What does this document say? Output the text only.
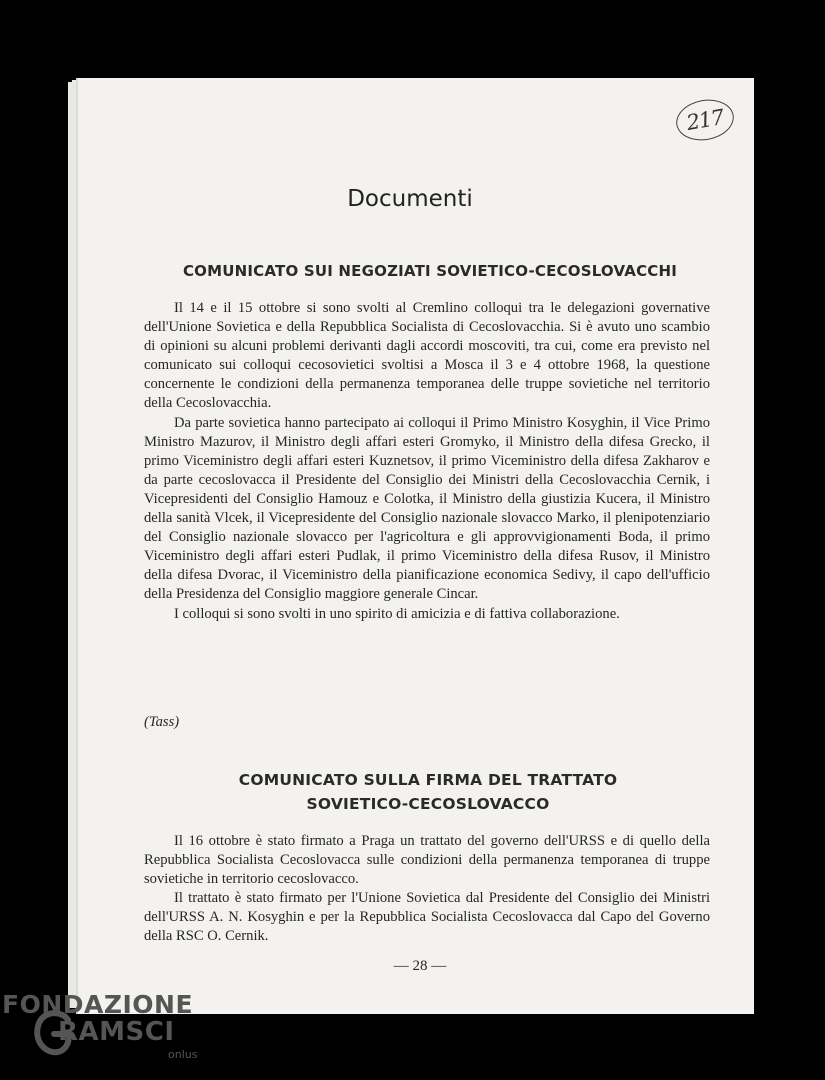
217
Documenti
COMUNICATO SUI NEGOZIATI SOVIETICO-CECOSLOVACCHI

Il 14 e il 15 ottobre si sono svolti al Cremlino colloqui tra le delegazioni governative dell'Unione Sovietica e della Repubblica Socialista di Cecoslovacchia. Si è avuto uno scambio di opinioni su alcuni problemi derivanti dagli accordi moscoviti, tra cui, come era previsto nel comunicato sui colloqui cecosovietici svoltisi a Mosca il 3 e 4 ottobre 1968, la questione concernente le condizioni della permanenza temporanea delle truppe sovietiche nel territorio della Cecoslovacchia.

Da parte sovietica hanno partecipato ai colloqui il Primo Ministro Kosyghin, il Vice Primo Ministro Mazurov, il Ministro degli affari esteri Gromyko, il Ministro della difesa Grecko, il primo Viceministro degli affari esteri Kuznetsov, il primo Viceministro della difesa Zakharov e da parte cecoslovacca il Presidente del Consiglio dei Ministri della Cecoslovacchia Cernik, i Vicepresidenti del Consiglio Hamouz e Colotka, il Ministro della giustizia Kucera, il Ministro della sanità Vlcek, il Vicepresidente del Consiglio nazionale slovacco Marko, il plenipotenziario del Consiglio nazionale slovacco per l'agricoltura e gli approvvigionamenti Boda, il primo Viceministro degli affari esteri Pudlak, il primo Viceministro della difesa Rusov, il Ministro della difesa Dvorac, il Viceministro della pianificazione economica Sedivy, il capo dell'ufficio della Presidenza del Consiglio maggiore generale Cincar.

I colloqui si sono svolti in uno spirito di amicizia e di fattiva collaborazione.

(Tass)
COMUNICATO SULLA FIRMA DEL TRATTATO
SOVIETICO-CECOSLOVACCO

Il 16 ottobre è stato firmato a Praga un trattato del governo dell'URSS e di quello della Repubblica Socialista Cecoslovacca sulle condizioni della permanenza temporanea di truppe sovietiche in territorio cecoslovacco.

Il trattato è stato firmato per l'Unione Sovietica dal Presidente del Consiglio dei Ministri dell'URSS A. N. Kosyghin e per la Repubblica Socialista Cecoslovacca dal Capo del Governo della RSC O. Cernik.

— 28 —
FONDAZIONE
RAMSCI
onlus
